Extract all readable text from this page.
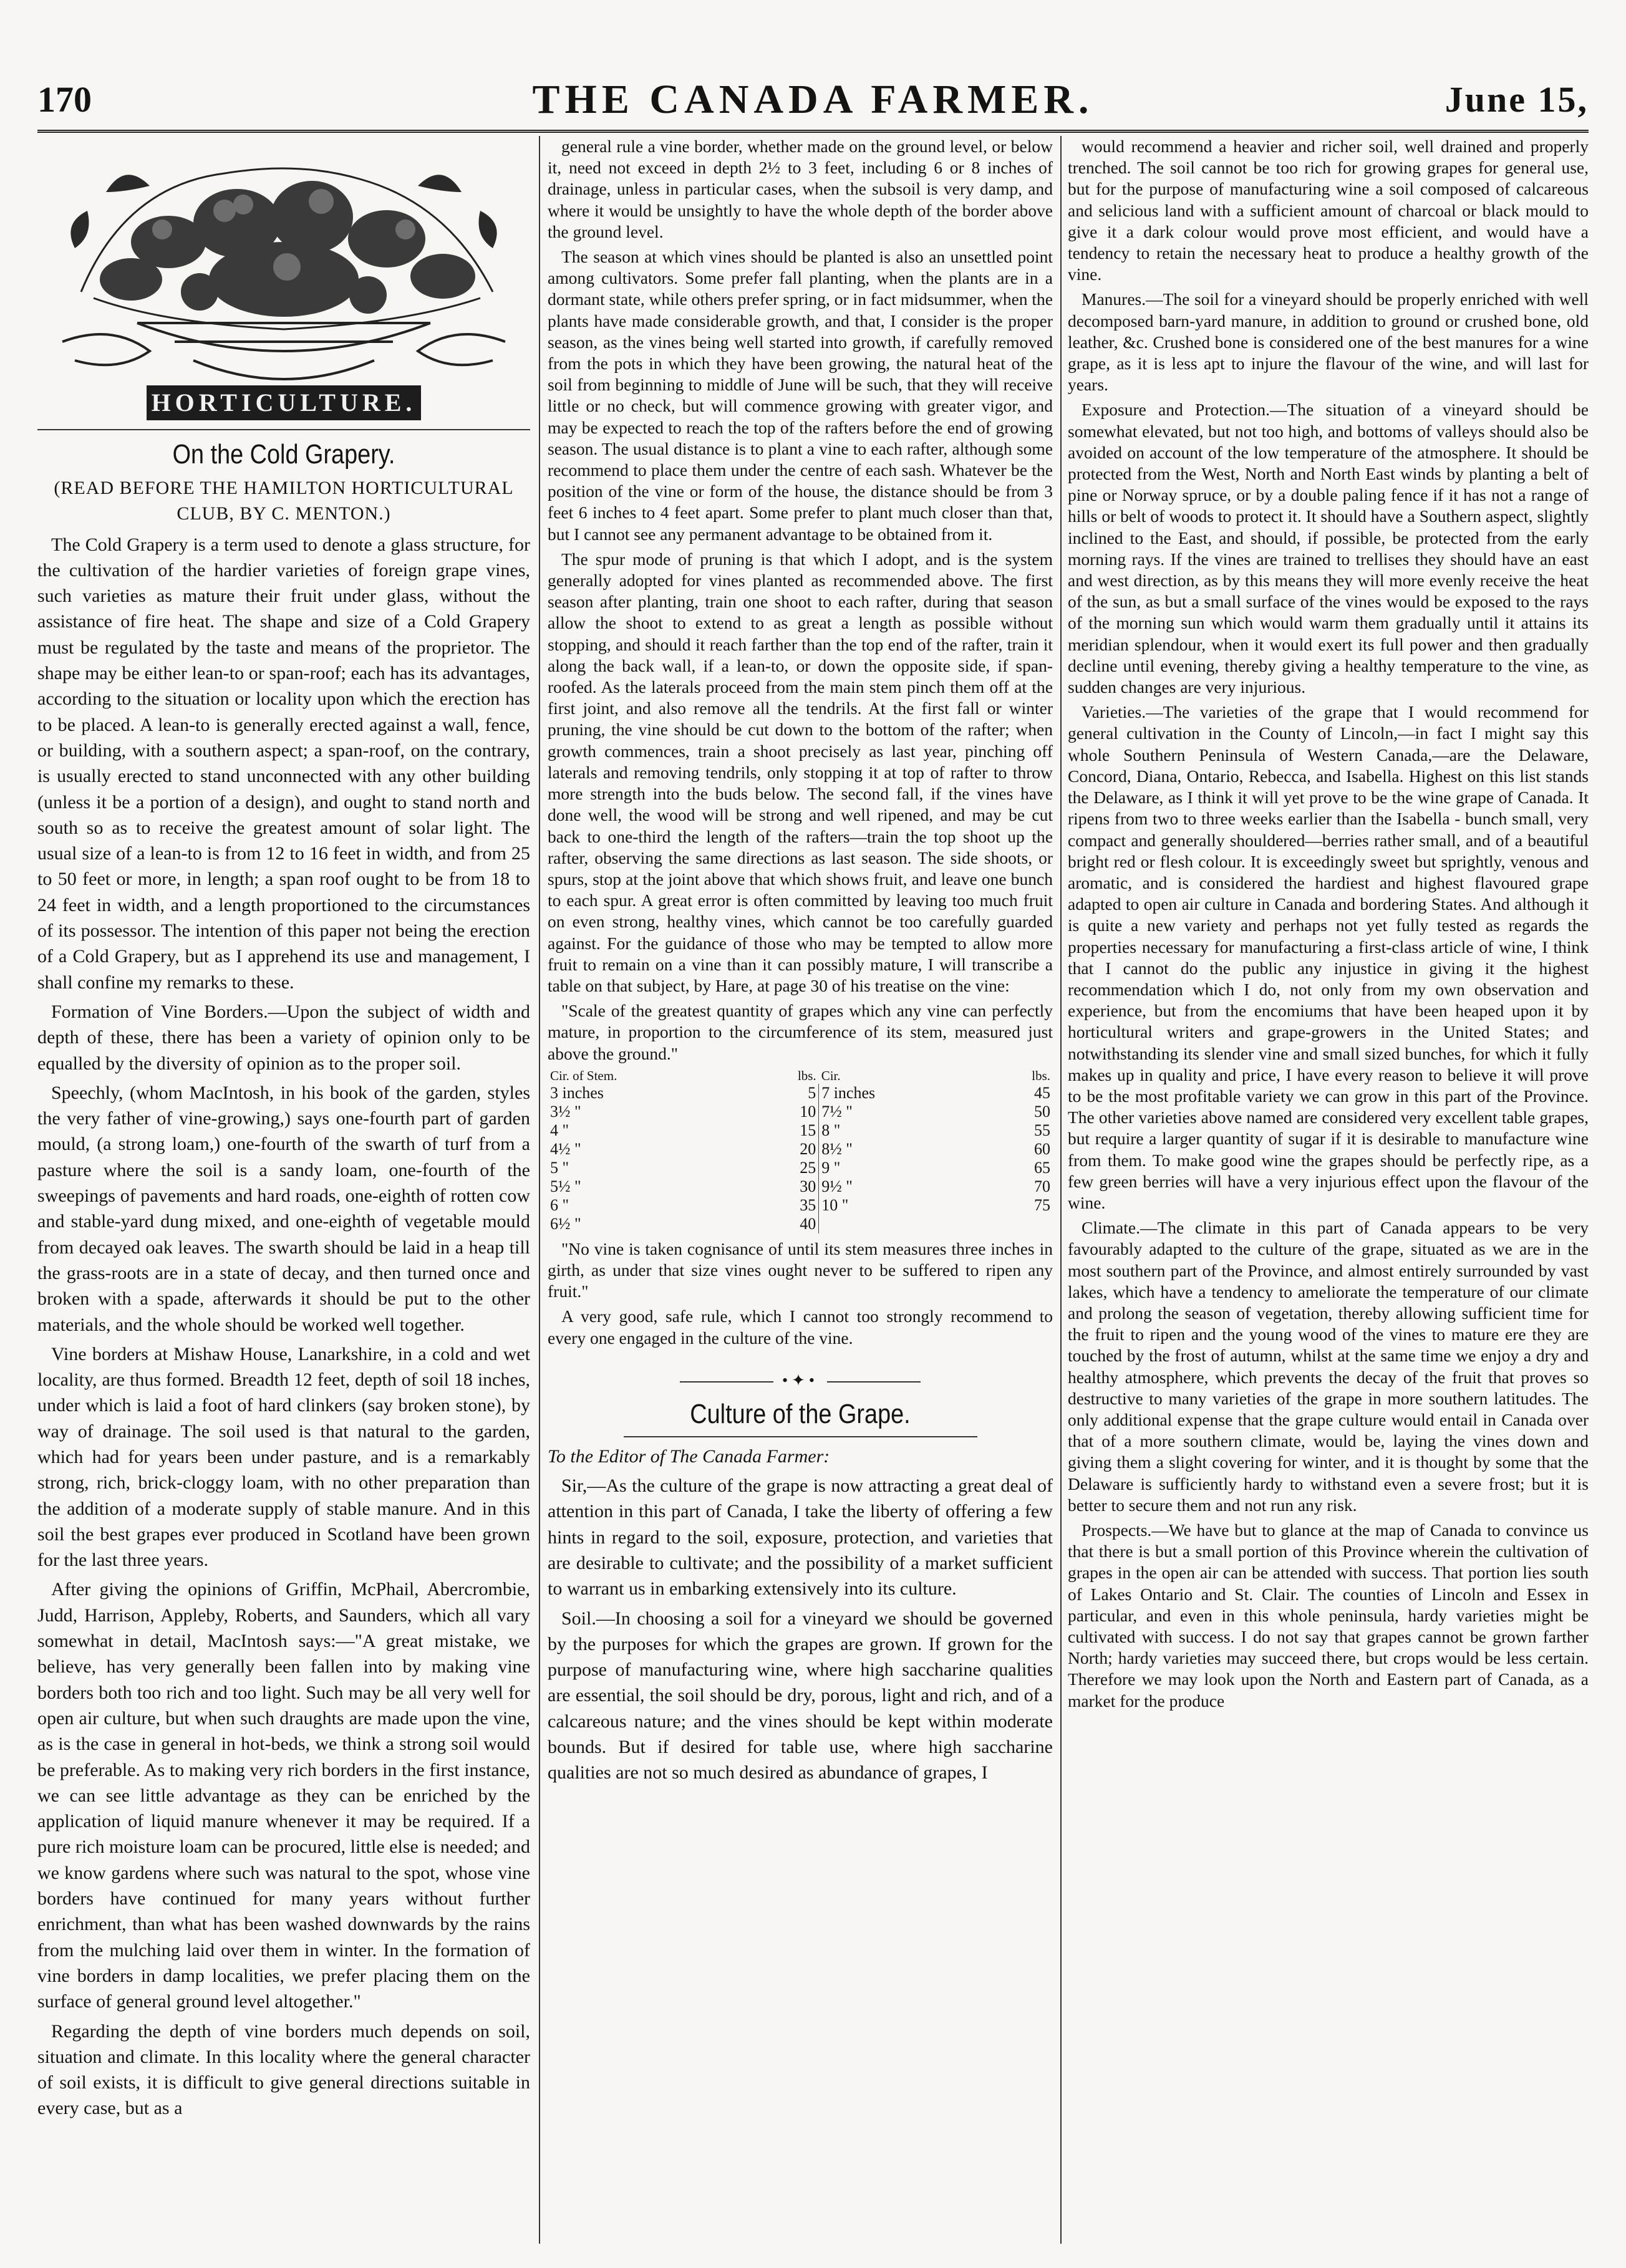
170	THE CANADA FARMER.	June 15,
HORTICULTURE.
On the Cold Grapery.

(READ BEFORE THE HAMILTON HORTICULTURAL CLUB, BY C. MENTON.)

The Cold Grapery is a term used to denote a glass structure, for the cultivation of the hardier varieties of foreign grape vines, such varieties as mature their fruit under glass, without the assistance of fire heat. The shape and size of a Cold Grapery must be regulated by the taste and means of the proprietor. The shape may be either lean-to or span-roof; each has its advantages, according to the situation or locality upon which the erection has to be placed. A lean-to is generally erected against a wall, fence, or building, with a southern aspect; a span-roof, on the contrary, is usually erected to stand unconnected with any other building (unless it be a portion of a design), and ought to stand north and south so as to receive the greatest amount of solar light. The usual size of a lean-to is from 12 to 16 feet in width, and from 25 to 50 feet or more, in length; a span roof ought to be from 18 to 24 feet in width, and a length proportioned to the circumstances of its possessor. The intention of this paper not being the erection of a Cold Grapery, but as I apprehend its use and management, I shall confine my remarks to these.

Formation of Vine Borders.—Upon the subject of width and depth of these, there has been a variety of opinion only to be equalled by the diversity of opinion as to the proper soil.

Speechly, (whom MacIntosh, in his book of the garden, styles the very father of vine-growing,) says one-fourth part of garden mould, (a strong loam,) one-fourth of the swarth of turf from a pasture where the soil is a sandy loam, one-fourth of the sweepings of pavements and hard roads, one-eighth of rotten cow and stable-yard dung mixed, and one-eighth of vegetable mould from decayed oak leaves. The swarth should be laid in a heap till the grass-roots are in a state of decay, and then turned once and broken with a spade, afterwards it should be put to the other materials, and the whole should be worked well together.

Vine borders at Mishaw House, Lanarkshire, in a cold and wet locality, are thus formed. Breadth 12 feet, depth of soil 18 inches, under which is laid a foot of hard clinkers (say broken stone), by way of drainage. The soil used is that natural to the garden, which had for years been under pasture, and is a remarkably strong, rich, brick-cloggy loam, with no other preparation than the addition of a moderate supply of stable manure. And in this soil the best grapes ever produced in Scotland have been grown for the last three years.

After giving the opinions of Griffin, McPhail, Abercrombie, Judd, Harrison, Appleby, Roberts, and Saunders, which all vary somewhat in detail, MacIntosh says:—"A great mistake, we believe, has very generally been fallen into by making vine borders both too rich and too light. Such may be all very well for open air culture, but when such draughts are made upon the vine, as is the case in general in hot-beds, we think a strong soil would be preferable. As to making very rich borders in the first instance, we can see little advantage as they can be enriched by the application of liquid manure whenever it may be required. If a pure rich moisture loam can be procured, little else is needed; and we know gardens where such was natural to the spot, whose vine borders have continued for many years without further enrichment, than what has been washed downwards by the rains from the mulching laid over them in winter. In the formation of vine borders in damp localities, we prefer placing them on the surface of general ground level altogether."

Regarding the depth of vine borders much depends on soil, situation and climate. In this locality where the general character of soil exists, it is difficult to give general directions suitable in every case, but as a

general rule a vine border, whether made on the ground level, or below it, need not exceed in depth 2½ to 3 feet, including 6 or 8 inches of drainage, unless in particular cases, when the subsoil is very damp, and where it would be unsightly to have the whole depth of the border above the ground level.

The season at which vines should be planted is also an unsettled point among cultivators. Some prefer fall planting, when the plants are in a dormant state, while others prefer spring, or in fact midsummer, when the plants have made considerable growth, and that, I consider is the proper season, as the vines being well started into growth, if carefully removed from the pots in which they have been growing, the natural heat of the soil from beginning to middle of June will be such, that they will receive little or no check, but will commence growing with greater vigor, and may be expected to reach the top of the rafters before the end of growing season. The usual distance is to plant a vine to each rafter, although some recommend to place them under the centre of each sash. Whatever be the position of the vine or form of the house, the distance should be from 3 feet 6 inches to 4 feet apart. Some prefer to plant much closer than that, but I cannot see any permanent advantage to be obtained from it.

The spur mode of pruning is that which I adopt, and is the system generally adopted for vines planted as recommended above. The first season after planting, train one shoot to each rafter, during that season allow the shoot to extend to as great a length as possible without stopping, and should it reach farther than the top end of the rafter, train it along the back wall, if a lean-to, or down the opposite side, if span-roofed. As the laterals proceed from the main stem pinch them off at the first joint, and also remove all the tendrils. At the first fall or winter pruning, the vine should be cut down to the bottom of the rafter; when growth commences, train a shoot precisely as last year, pinching off laterals and removing tendrils, only stopping it at top of rafter to throw more strength into the buds below. The second fall, if the vines have done well, the wood will be strong and well ripened, and may be cut back to one-third the length of the rafters—train the top shoot up the rafter, observing the same directions as last season. The side shoots, or spurs, stop at the joint above that which shows fruit, and leave one bunch to each spur. A great error is often committed by leaving too much fruit on even strong, healthy vines, which cannot be too carefully guarded against. For the guidance of those who may be tempted to allow more fruit to remain on a vine than it can possibly mature, I will transcribe a table on that subject, by Hare, at page 30 of his treatise on the vine:

"Scale of the greatest quantity of grapes which any vine can perfectly mature, in proportion to the circumference of its stem, measured just above the ground."

Cir. of Stem.	lbs.	Cir.	lbs.
3 inches	5	7 inches	45
3½ "	10	7½ "	50
4 "	15	8 "	55
4½ "	20	8½ "	60
5 "	25	9 "	65
5½ "	30	9½ "	70
6 "	35	10 "	75
6½ "	40		

"No vine is taken cognisance of until its stem measures three inches in girth, as under that size vines ought never to be suffered to ripen any fruit."

A very good, safe rule, which I cannot too strongly recommend to every one engaged in the culture of the vine.

•✦•
Culture of the Grape.

To the Editor of The Canada Farmer:

Sir,—As the culture of the grape is now attracting a great deal of attention in this part of Canada, I take the liberty of offering a few hints in regard to the soil, exposure, protection, and varieties that are desirable to cultivate; and the possibility of a market sufficient to warrant us in embarking extensively into its culture.

Soil.—In choosing a soil for a vineyard we should be governed by the purposes for which the grapes are grown. If grown for the purpose of manufacturing wine, where high saccharine qualities are essential, the soil should be dry, porous, light and rich, and of a calcareous nature; and the vines should be kept within moderate bounds. But if desired for table use, where high saccharine qualities are not so much desired as abundance of grapes, I

would recommend a heavier and richer soil, well drained and properly trenched. The soil cannot be too rich for growing grapes for general use, but for the purpose of manufacturing wine a soil composed of calcareous and selicious land with a sufficient amount of charcoal or black mould to give it a dark colour would prove most efficient, and would have a tendency to retain the necessary heat to produce a healthy growth of the vine.

Manures.—The soil for a vineyard should be properly enriched with well decomposed barn-yard manure, in addition to ground or crushed bone, old leather, &c. Crushed bone is considered one of the best manures for a wine grape, as it is less apt to injure the flavour of the wine, and will last for years.

Exposure and Protection.—The situation of a vineyard should be somewhat elevated, but not too high, and bottoms of valleys should also be avoided on account of the low temperature of the atmosphere. It should be protected from the West, North and North East winds by planting a belt of pine or Norway spruce, or by a double paling fence if it has not a range of hills or belt of woods to protect it. It should have a Southern aspect, slightly inclined to the East, and should, if possible, be protected from the early morning rays. If the vines are trained to trellises they should have an east and west direction, as by this means they will more evenly receive the heat of the sun, as but a small surface of the vines would be exposed to the rays of the morning sun which would warm them gradually until it attains its meridian splendour, when it would exert its full power and then gradually decline until evening, thereby giving a healthy temperature to the vine, as sudden changes are very injurious.

Varieties.—The varieties of the grape that I would recommend for general cultivation in the County of Lincoln,—in fact I might say this whole Southern Peninsula of Western Canada,—are the Delaware, Concord, Diana, Ontario, Rebecca, and Isabella. Highest on this list stands the Delaware, as I think it will yet prove to be the wine grape of Canada. It ripens from two to three weeks earlier than the Isabella - bunch small, very compact and generally shouldered—berries rather small, and of a beautiful bright red or flesh colour. It is exceedingly sweet but sprightly, venous and aromatic, and is considered the hardiest and highest flavoured grape adapted to open air culture in Canada and bordering States. And although it is quite a new variety and perhaps not yet fully tested as regards the properties necessary for manufacturing a first-class article of wine, I think that I cannot do the public any injustice in giving it the highest recommendation which I do, not only from my own observation and experience, but from the encomiums that have been heaped upon it by horticultural writers and grape-growers in the United States; and notwithstanding its slender vine and small sized bunches, for which it fully makes up in quality and price, I have every reason to believe it will prove to be the most profitable variety we can grow in this part of the Province. The other varieties above named are considered very excellent table grapes, but require a larger quantity of sugar if it is desirable to manufacture wine from them. To make good wine the grapes should be perfectly ripe, as a few green berries will have a very injurious effect upon the flavour of the wine.

Climate.—The climate in this part of Canada appears to be very favourably adapted to the culture of the grape, situated as we are in the most southern part of the Province, and almost entirely surrounded by vast lakes, which have a tendency to ameliorate the temperature of our climate and prolong the season of vegetation, thereby allowing sufficient time for the fruit to ripen and the young wood of the vines to mature ere they are touched by the frost of autumn, whilst at the same time we enjoy a dry and healthy atmosphere, which prevents the decay of the fruit that proves so destructive to many varieties of the grape in more southern latitudes. The only additional expense that the grape culture would entail in Canada over that of a more southern climate, would be, laying the vines down and giving them a slight covering for winter, and it is thought by some that the Delaware is sufficiently hardy to withstand even a severe frost; but it is better to secure them and not run any risk.

Prospects.—We have but to glance at the map of Canada to convince us that there is but a small portion of this Province wherein the cultivation of grapes in the open air can be attended with success. That portion lies south of Lakes Ontario and St. Clair. The counties of Lincoln and Essex in particular, and even in this whole peninsula, hardy varieties might be cultivated with success. I do not say that grapes cannot be grown farther North; hardy varieties may succeed there, but crops would be less certain. Therefore we may look upon the North and Eastern part of Canada, as a market for the produce
